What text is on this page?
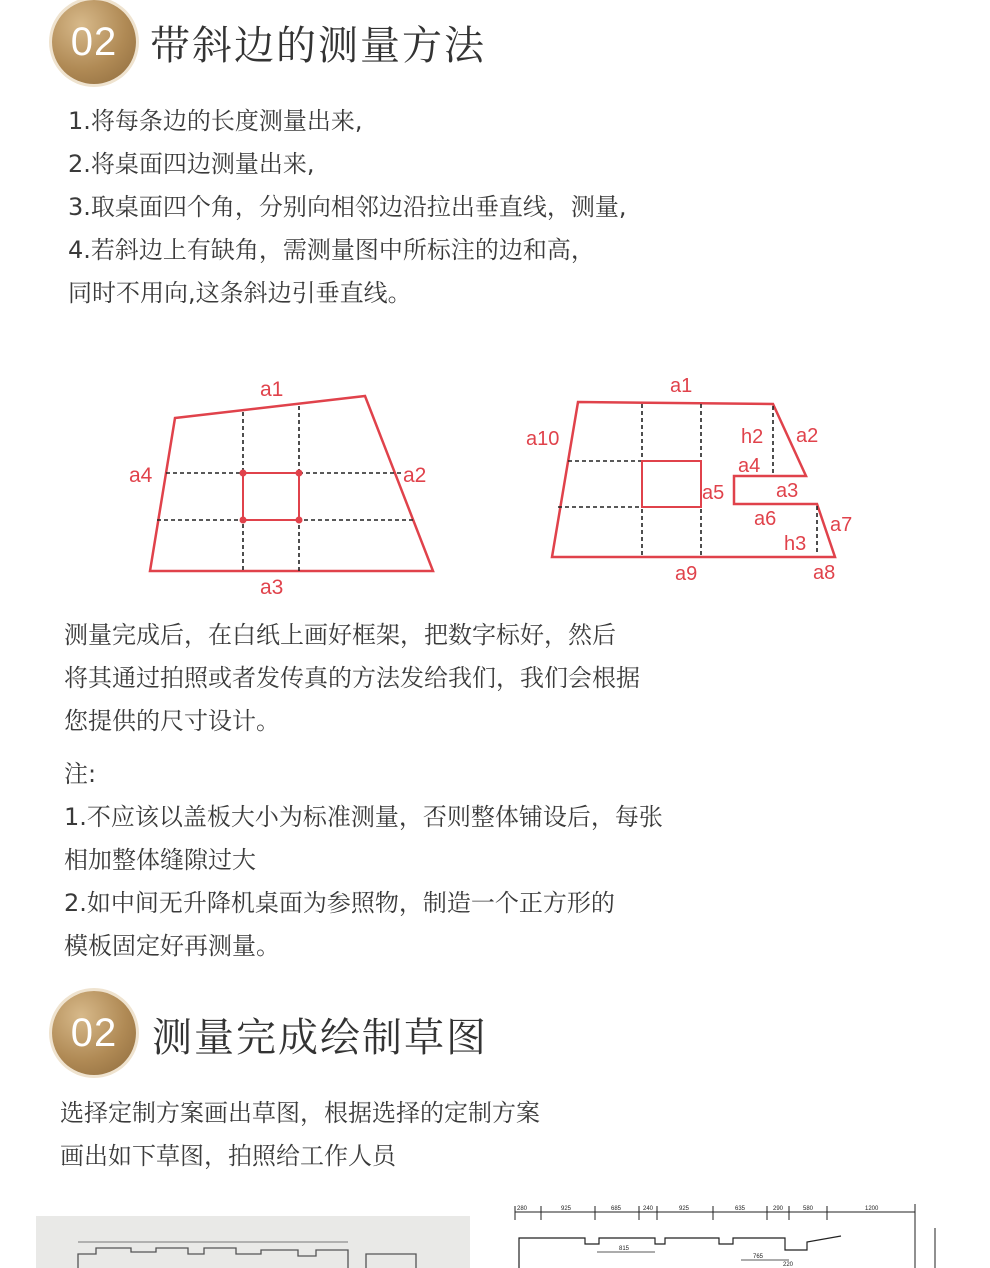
02 带斜边的测量方法
1.将每条边的长度测量出来,
2.将桌面四边测量出来,
3.取桌面四个角，分别向相邻边沿拉出垂直线，测量,
4.若斜边上有缺角，需测量图中所标注的边和高，
同时不用向,这条斜边引垂直线。
a1
a4	a2
a3
a1
a10	h2 a2
a4
a5	a3
a6	a7
h3
a9	a8
测量完成后，在白纸上画好框架，把数字标好，然后
将其通过拍照或者发传真的方法发给我们，我们会根据
您提供的尺寸设计。
注:
1.不应该以盖板大小为标准测量，否则整体铺设后，每张
相加整体缝隙过大
2.如中间无升降机桌面为参照物，制造一个正方形的
模板固定好再测量。
02 测量完成绘制草图
选择定制方案画出草图，根据选择的定制方案
画出如下草图，拍照给工作人员
280	925	685	240	925	635	290	580	1200
815
765
220
